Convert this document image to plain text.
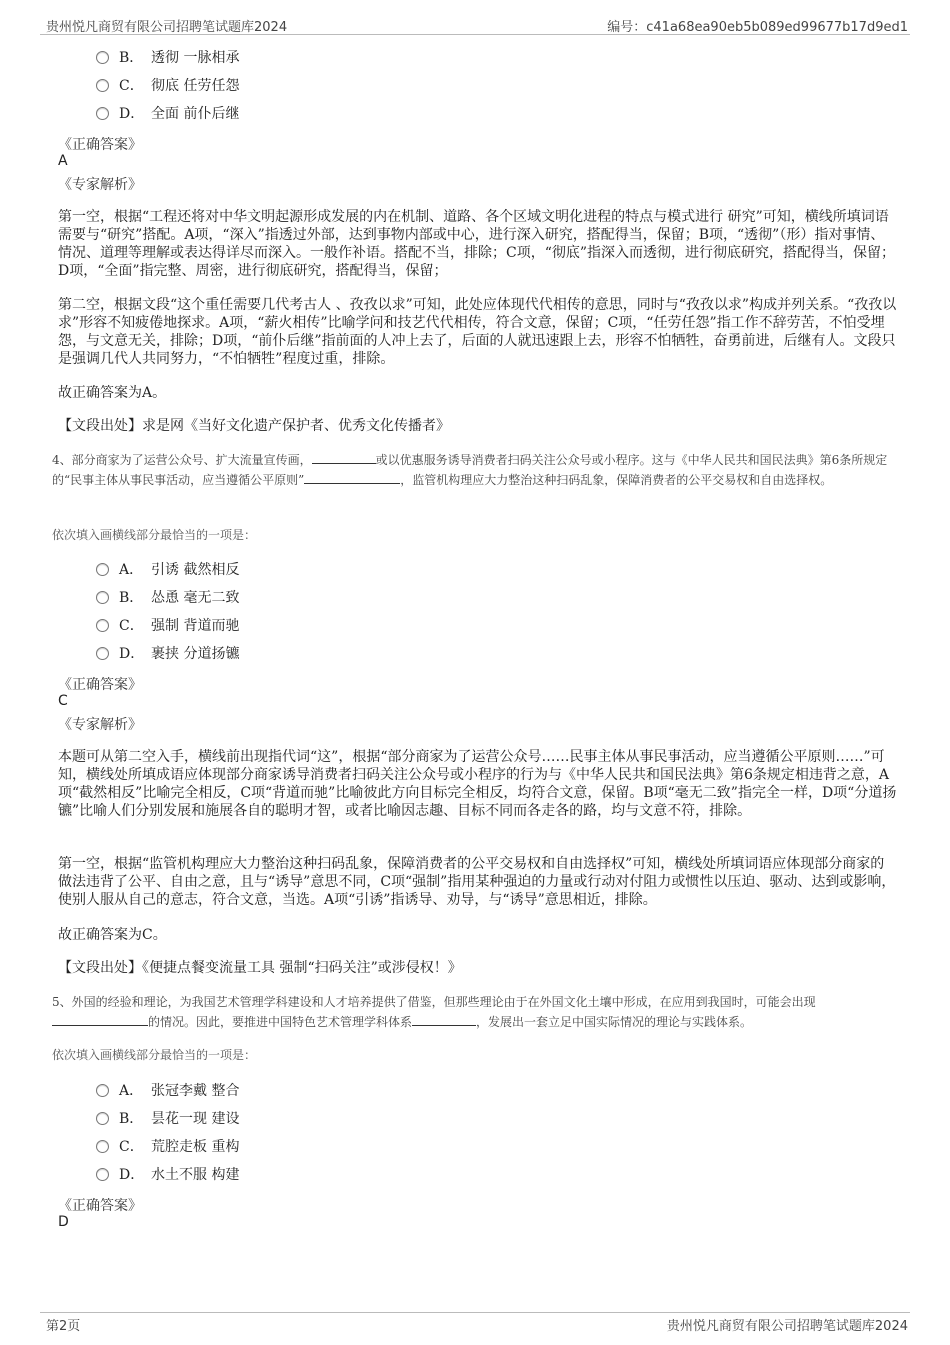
贵州悦凡商贸有限公司招聘笔试题库2024	编号：c41a68ea90eb5b089ed99677b17d9ed1
B． 透彻 一脉相承
C． 彻底 任劳任怨
D． 全面 前仆后继
《正确答案》
A
《专家解析》
第一空，根据“工程还将对中华文明起源形成发展的内在机制、道路、各个区域文明化进程的特点与模式进行 研究”可知，横线所填词语需要与“研究”搭配。A项，“深入”指透过外部，达到事物内部或中心，进行深入研究，搭配得当，保留；B项，“透彻”（形）指对事情、情况、道理等理解或表达得详尽而深入。一般作补语。搭配不当，排除；C项，“彻底”指深入而透彻，进行彻底研究，搭配得当，保留；D项，“全面”指完整、周密，进行彻底研究，搭配得当，保留；
第二空，根据文段“这个重任需要几代考古人 、孜孜以求”可知，此处应体现代代相传的意思，同时与“孜孜以求”构成并列关系。“孜孜以求”形容不知疲倦地探求。A项，“薪火相传”比喻学问和技艺代代相传，符合文意，保留；C项，“任劳任怨”指工作不辞劳苦，不怕受埋怨，与文意无关，排除；D项，“前仆后继”指前面的人冲上去了，后面的人就迅速跟上去，形容不怕牺牲，奋勇前进，后继有人。文段只是强调几代人共同努力，“不怕牺牲”程度过重，排除。
故正确答案为A。
【文段出处】求是网《当好文化遗产保护者、优秀文化传播者》
4、部分商家为了运营公众号、扩大流量宣传画，	或以优惠服务诱导消费者扫码关注公众号或小程序。这与《中华人民共和国民法典》第6条所规定的“民事主体从事民事活动，应当遵循公平原则”	，监管机构理应大力整治这种扫码乱象，保障消费者的公平交易权和自由选择权。
依次填入画横线部分最恰当的一项是：
A． 引诱 截然相反
B． 怂恿 毫无二致
C． 强制 背道而驰
D． 裹挟 分道扬镳
《正确答案》
C
《专家解析》
本题可从第二空入手，横线前出现指代词“这”，根据“部分商家为了运营公众号……民事主体从事民事活动，应当遵循公平原则……”可知，横线处所填成语应体现部分商家诱导消费者扫码关注公众号或小程序的行为与《中华人民共和国民法典》第6条规定相违背之意，A项“截然相反”比喻完全相反，C项“背道而驰”比喻彼此方向目标完全相反，均符合文意，保留。B项“毫无二致”指完全一样，D项“分道扬镳”比喻人们分别发展和施展各自的聪明才智，或者比喻因志趣、目标不同而各走各的路，均与文意不符，排除。
第一空，根据“监管机构理应大力整治这种扫码乱象，保障消费者的公平交易权和自由选择权”可知，横线处所填词语应体现部分商家的做法违背了公平、自由之意，且与“诱导”意思不同，C项“强制”指用某种强迫的力量或行动对付阻力或惯性以压迫、驱动、达到或影响，使别人服从自己的意志，符合文意，当选。A项“引诱”指诱导、劝导，与“诱导”意思相近，排除。
故正确答案为C。
【文段出处】《便捷点餐变流量工具 强制“扫码关注”或涉侵权！》
5、外国的经验和理论，为我国艺术管理学科建设和人才培养提供了借鉴，但那些理论由于在外国文化土壤中形成，在应用到我国时，可能会出现的情况。因此，要推进中国特色艺术管理学科体系	，发展出一套立足中国实际情况的理论与实践体系。
依次填入画横线部分最恰当的一项是：
A． 张冠李戴 整合
B． 昙花一现 建设
C． 荒腔走板 重构
D． 水土不服 构建
《正确答案》
D
第2页	贵州悦凡商贸有限公司招聘笔试题库2024
